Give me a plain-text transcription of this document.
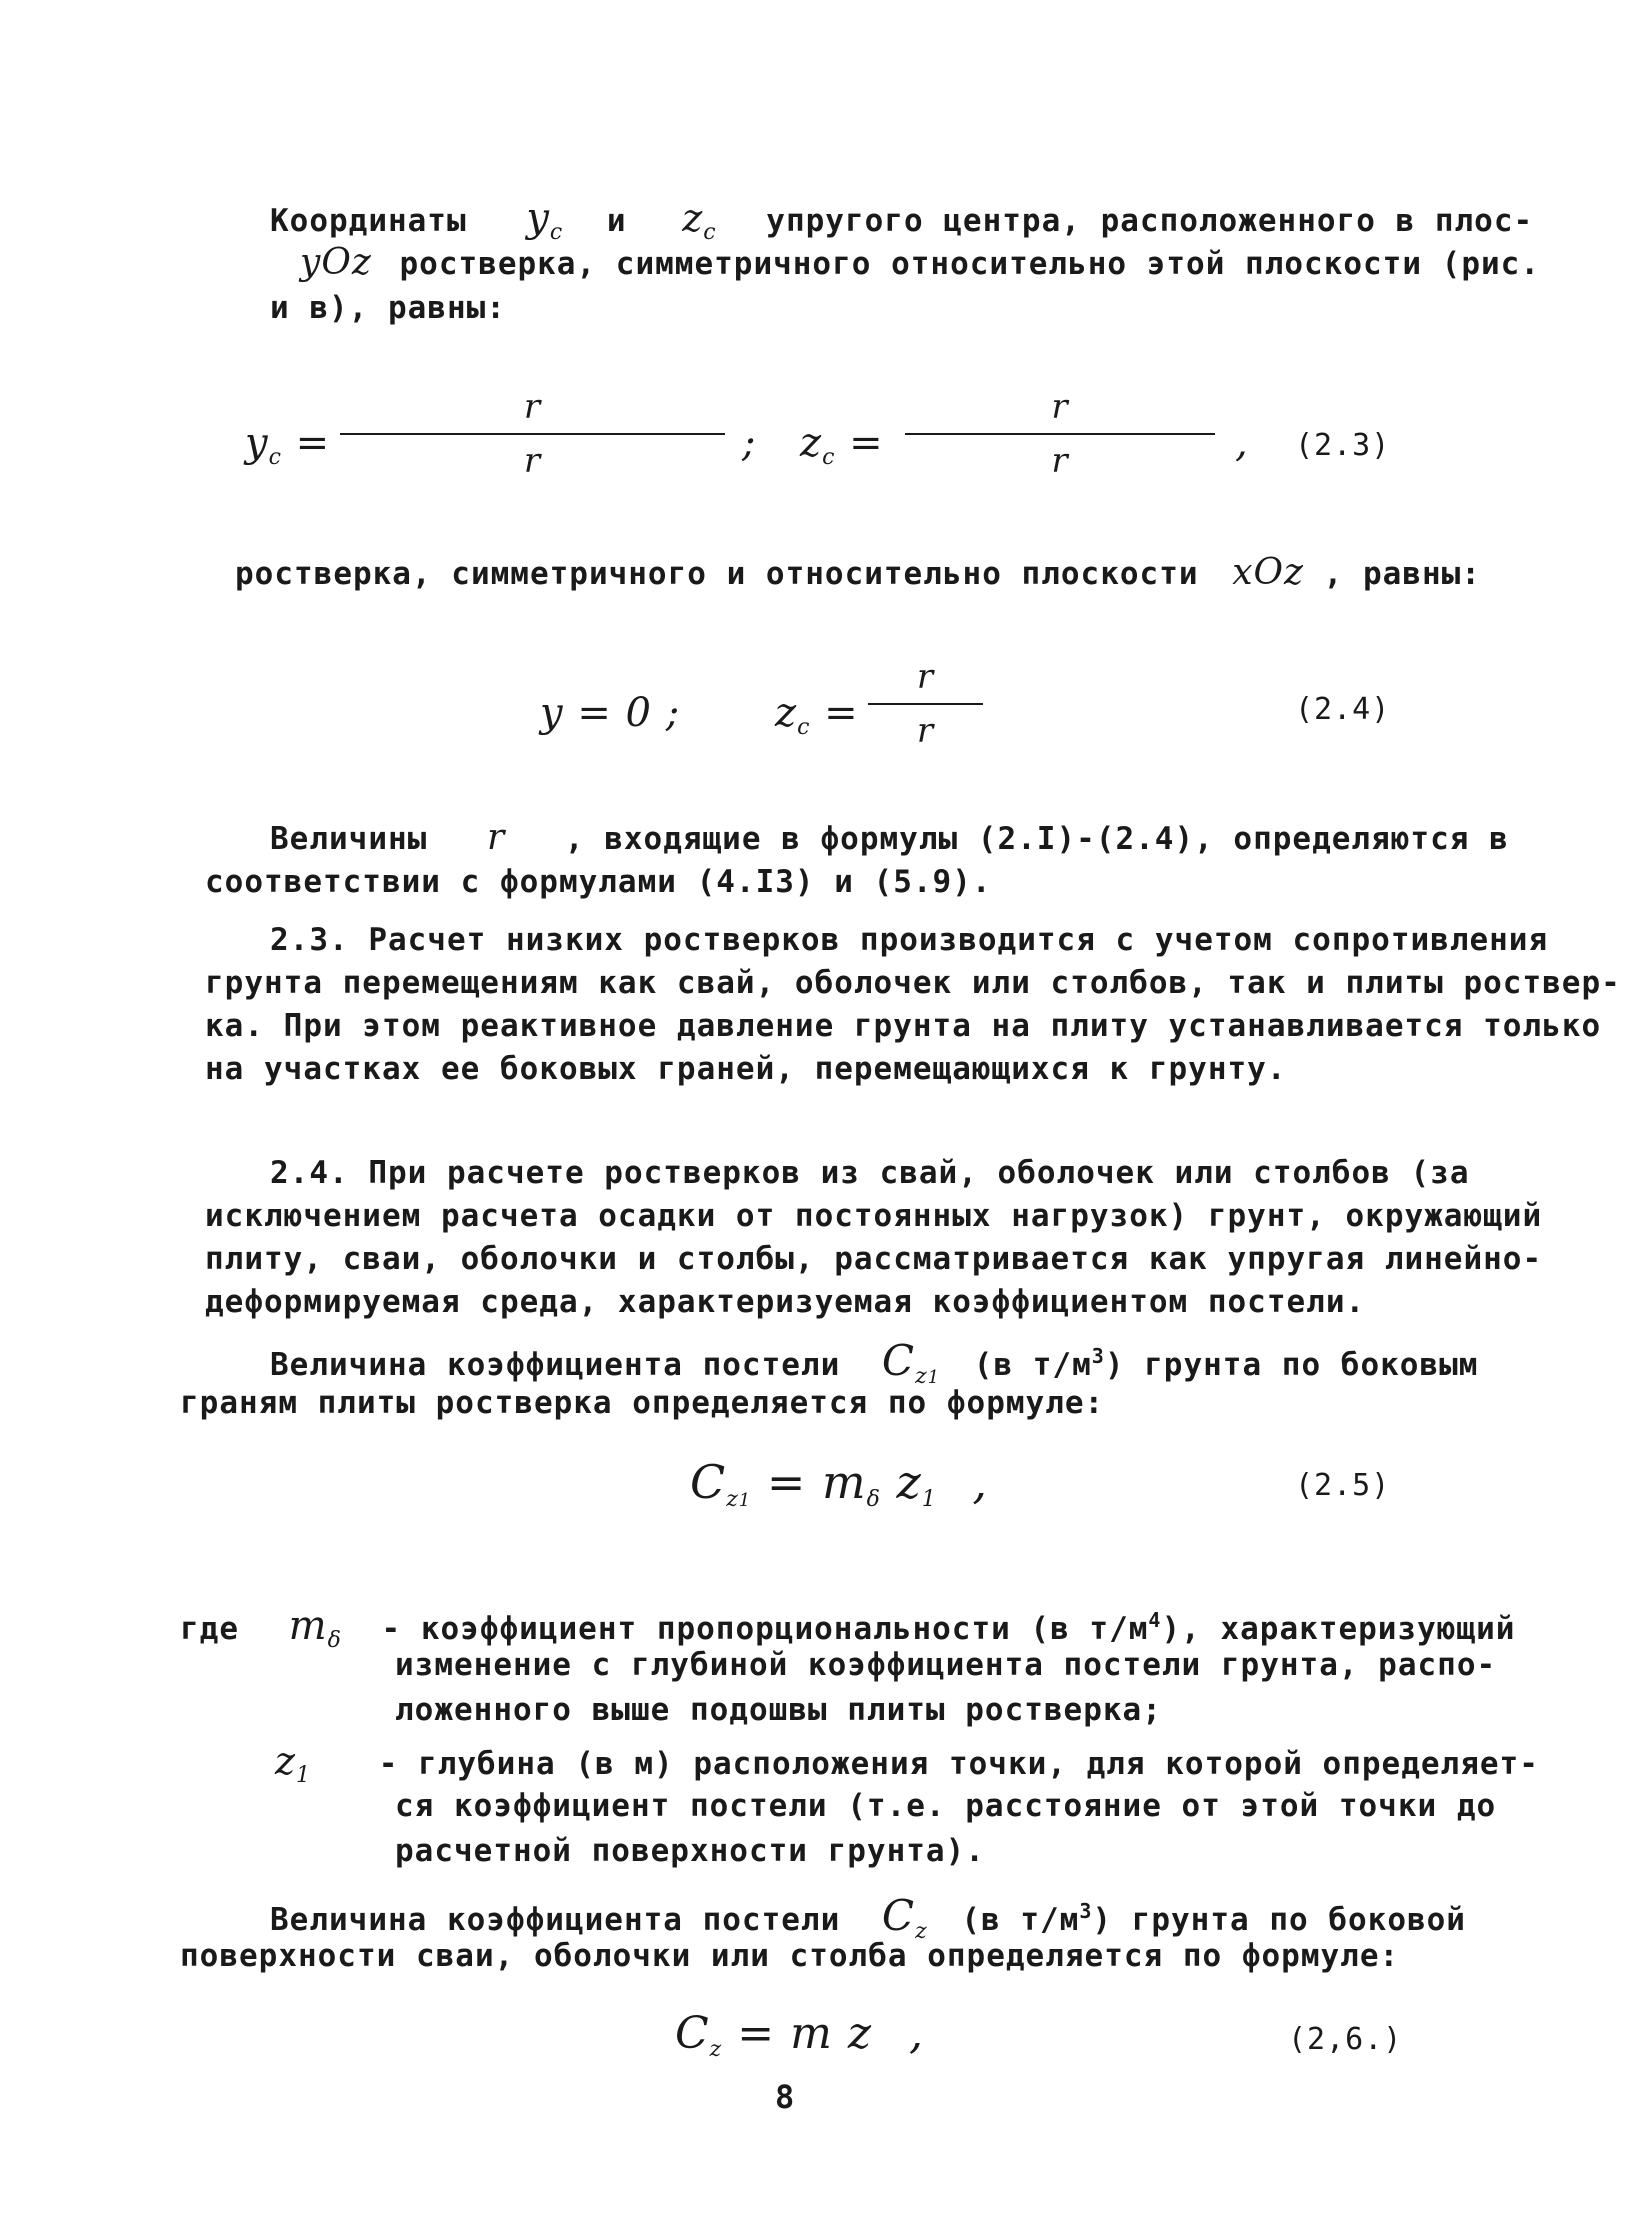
Координаты $y_c$ и $z_c$ упругого центра, расположенного в плос-
yOz ростверка, симметричного относительно этой плоскости (рис.
и в), равны:
$y_c$ =
r
r	; $z_c$ =
r
r	, (2.3)
ростверка, симметричного и относительно плоскости xOz , равны:
y = 0 ; $z_c$ =
r
r
(2.4)
Величины r , входящие в формулы (2.I)-(2.4), определяются в
соответствии с формулами (4.I3) и (5.9).
2.3. Расчет низких ростверков производится с учетом сопротивления
грунта перемещениям как свай, оболочек или столбов, так и плиты роствер-
ка. При этом реактивное давление грунта на плиту устанавливается только
на участках ее боковых граней, перемещающихся к грунту.
2.4. При расчете ростверков из свай, оболочек или столбов (за
исключением расчета осадки от постоянных нагрузок) грунт, окружающий
плиту, сваи, оболочки и столбы, рассматривается как упругая линейно-
деформируемая среда, характеризуемая коэффициентом постели.
Величина коэффициента постели $C_{z1}$ (в $т/м^3$) грунта по боковым
граням плиты ростверка определяется по формуле:
$C_{z1} = m_\delta$ $z_1$ ,	(2.5)
где $m_\delta$ - коэффициент пропорциональности (в $т/м^4$), характеризующий
изменение с глубиной коэффициента постели грунта, распо-
ложенного выше подошвы плиты ростверка;
$z_1$ - глубина (в м) расположения точки, для которой определяет-
ся коэффициент постели (т.е. расстояние от этой точки до
расчетной поверхности грунта).
Величина коэффициента постели $C_z$ (в $т/м^3$) грунта по боковой
поверхности сваи, оболочки или столба определяется по формуле:
$C_z = m$ z ,	(2,6.)
8
